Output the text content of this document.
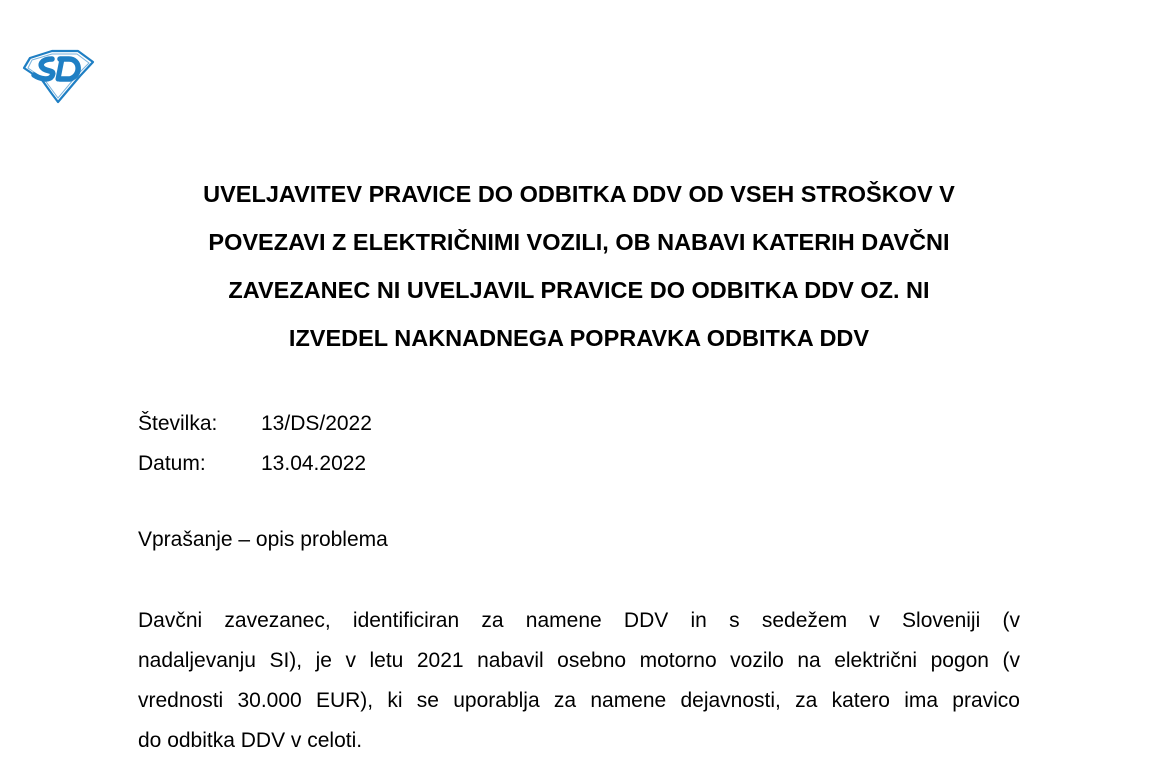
UVELJAVITEV PRAVICE DO ODBITKA DDV OD VSEH STROŠKOV V
POVEZAVI Z ELEKTRIČNIMI VOZILI, OB NABAVI KATERIH DAVČNI
ZAVEZANEC NI UVELJAVIL PRAVICE DO ODBITKA DDV OZ. NI
IZVEDEL NAKNADNEGA POPRAVKA ODBITKA DDV
Številka:	13/DS/2022
Datum:	13.04.2022
Vprašanje – opis problema
Davčni zavezanec, identificiran za namene DDV in s sedežem v Sloveniji (v
nadaljevanju SI), je v letu 2021 nabavil osebno motorno vozilo na električni pogon (v
vrednosti 30.000 EUR), ki se uporablja za namene dejavnosti, za katero ima pravico
do odbitka DDV v celoti.
